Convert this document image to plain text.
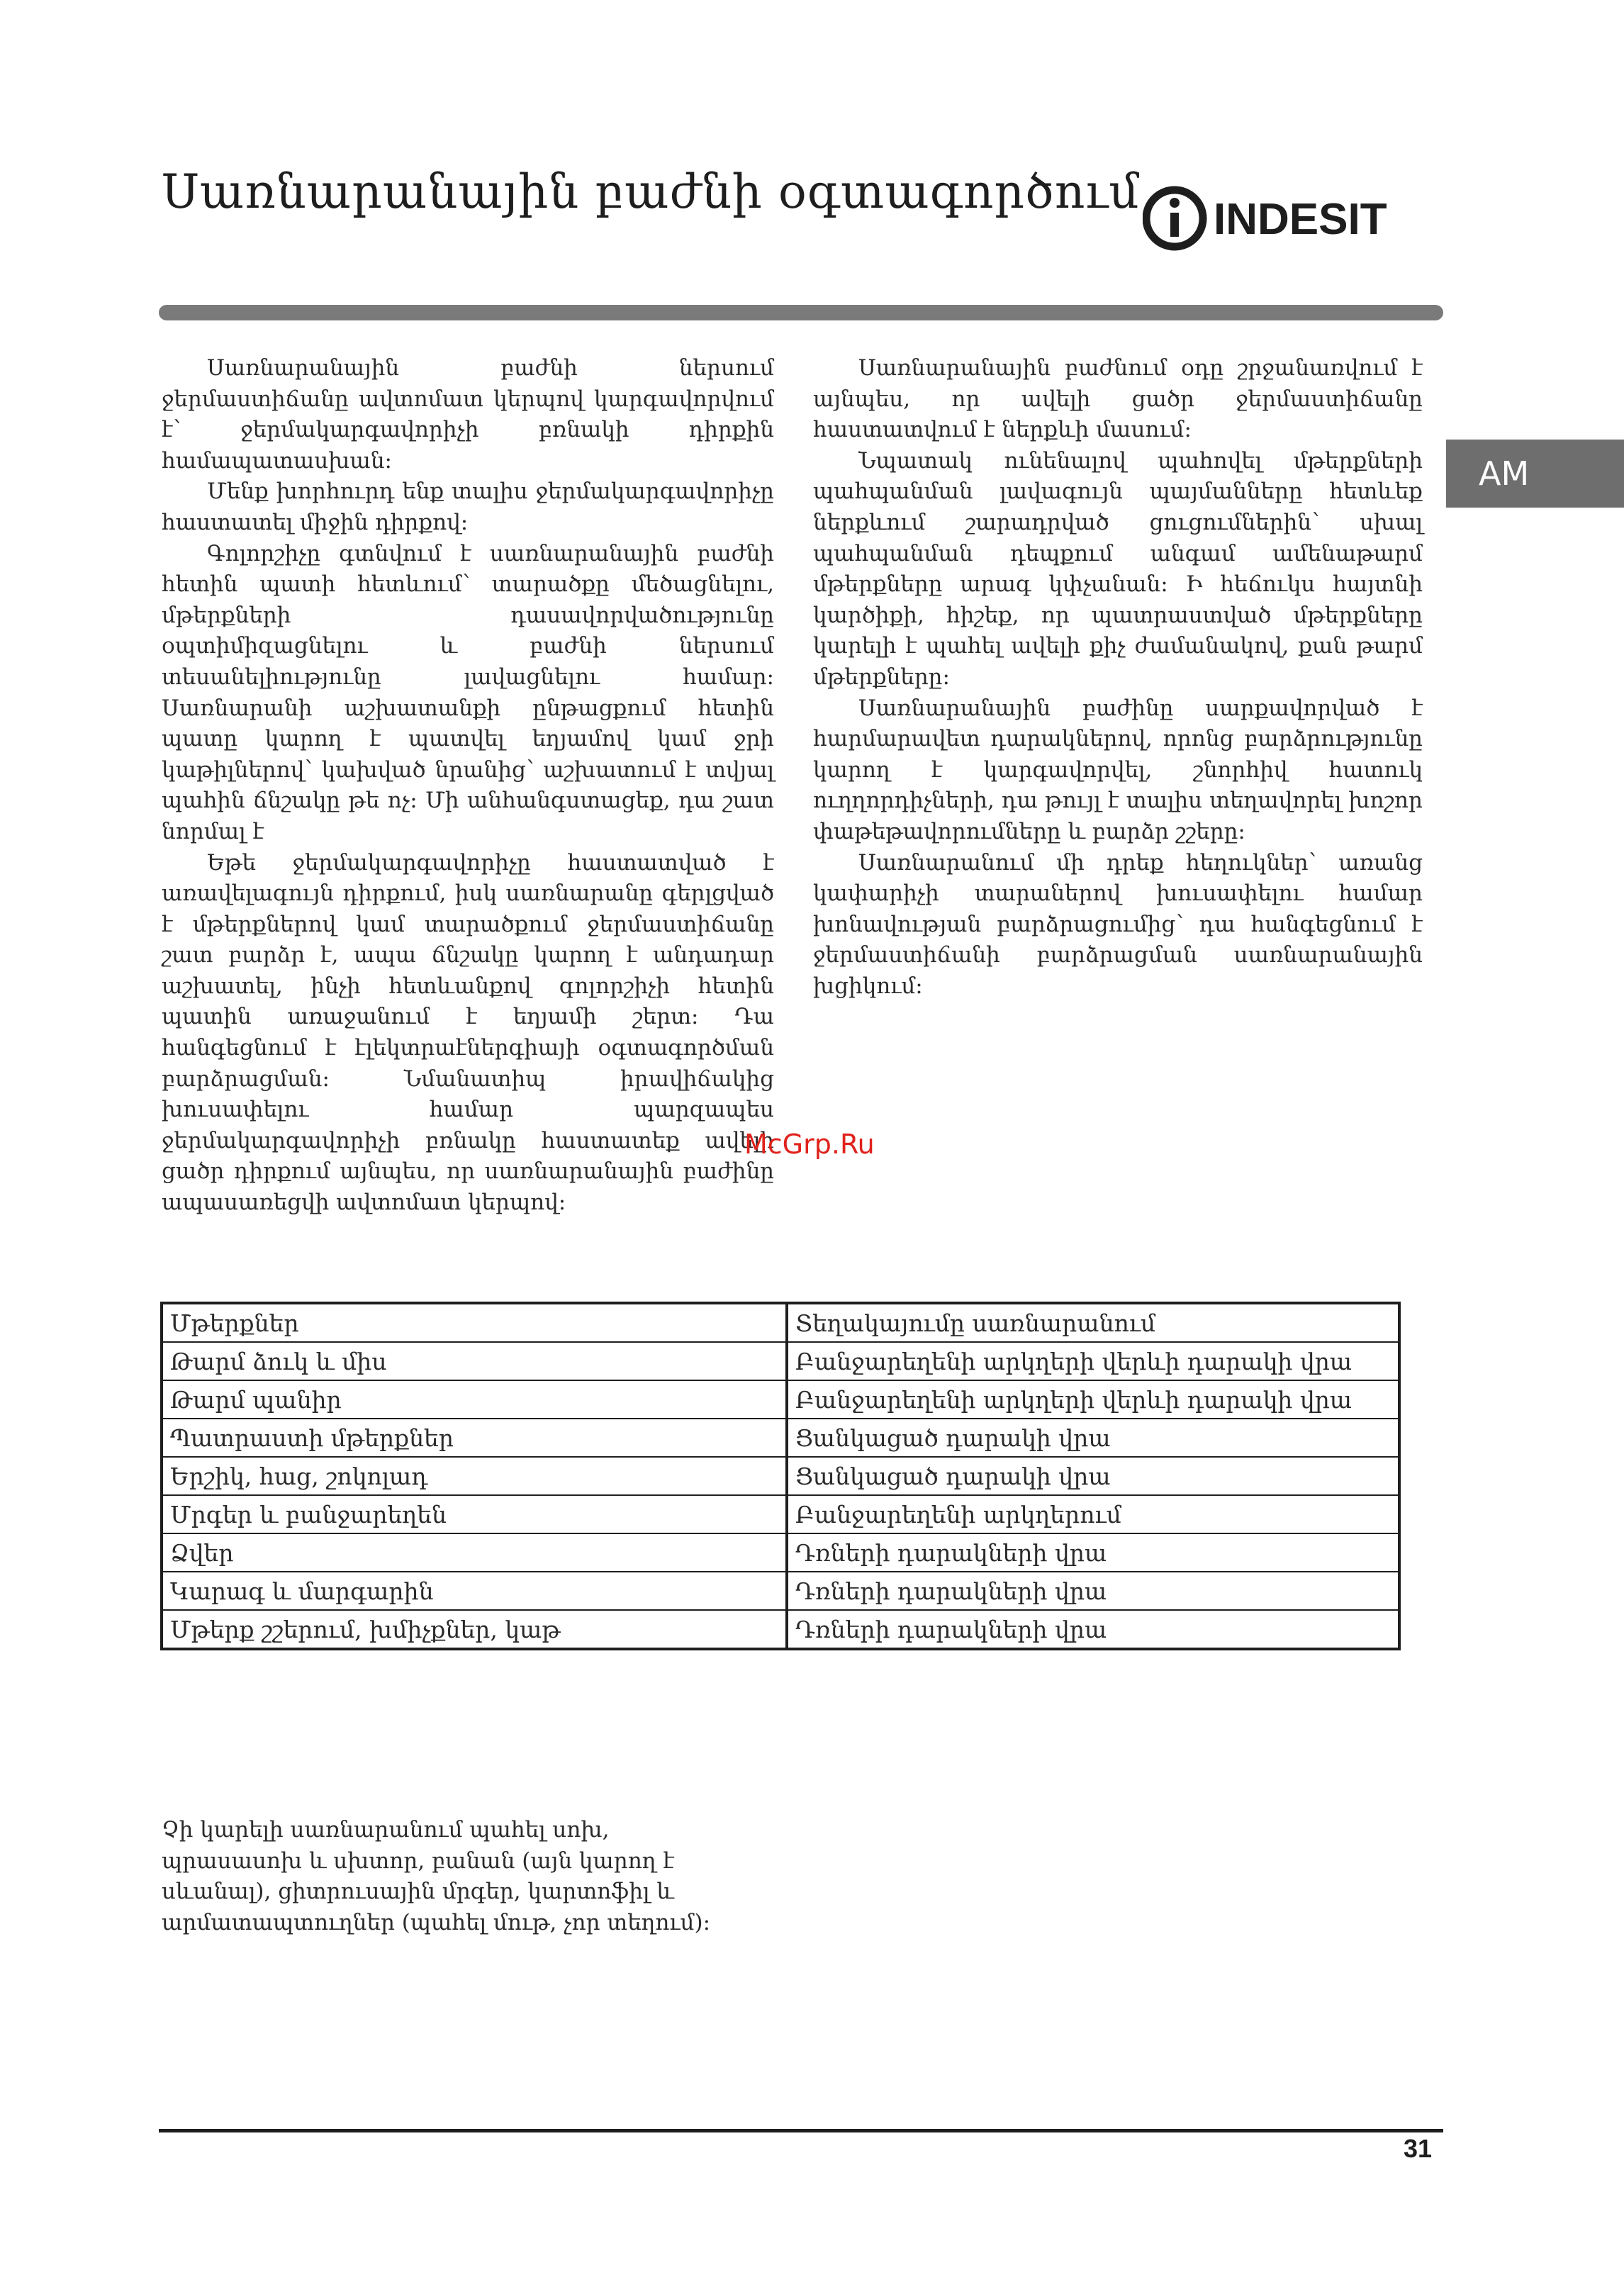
Սառնարանային բաժնի օգտագործում
INDESIT
AM

Սառնարանային բաժնի ներսում ջերմաստիճանը ավտոմատ կերպով կարգավորվում է՝ ջերմակարգավորիչի բռնակի դիրքին համապատասխան:

Մենք խորհուրդ ենք տալիս ջերմակարգավորիչը հաստատել միջին դիրքով:

Գոլորշիչը գտնվում է սառնարանային բաժնի հետին պատի հետևում՝ տարածքը մեծացնելու, մթերքների դասավորվածությունը օպտիմիզացնելու և բաժնի ներսում տեսանելիությունը լավացնելու համար: Սառնարանի աշխատանքի ընթացքում հետին պատը կարող է պատվել եղյամով կամ ջրի կաթիլներով՝ կախված նրանից՝ աշխատում է տվյալ պահին ճնշակը թե ոչ: Մի անհանգստացեք, դա շատ նորմալ է

Եթե ջերմակարգավորիչը հաստատված է առավելագույն դիրքում, իսկ սառնարանը գերլցված է մթերքներով կամ տարածքում ջերմաստիճանը շատ բարձր է, ապա ճնշակը կարող է անդադար աշխատել, ինչի հետևանքով գոլորշիչի հետին պատին առաջանում է եղյամի շերտ: Դա հանգեցնում է էլեկտրաէներգիայի օգտագործման բարձրացման: Նմանատիպ իրավիճակից խուսափելու համար պարզապես ջերմակարգավորիչի բռնակը հաստատեք ավելի ցածր դիրքում այնպես, որ սառնարանային բաժինը ապասառեցվի ավտոմատ կերպով:

Սառնարանային բաժնում օդը շրջանառվում է այնպես, որ ավելի ցածր ջերմաստիճանը հաստատվում է ներքևի մասում:

Նպատակ ունենալով պահովել մթերքների պահպանման լավագույն պայմանները հետևեք ներքևում շարադրված ցուցումներին՝ սխալ պահպանման դեպքում անգամ ամենաթարմ մթերքները արագ կփչանան: Ի հեճուկս հայտնի կարծիքի, հիշեք, որ պատրաստված մթերքները կարելի է պահել ավելի քիչ ժամանակով, քան թարմ մթերքները:

Սառնարանային բաժինը սարքավորված է հարմարավետ դարակներով, որոնց բարձրությունը կարող է կարգավորվել, շնորհիվ հատուկ ուղղորդիչների, դա թույլ է տալիս տեղավորել խոշոր փաթեթավորումները և բարձր շշերը:

Սառնարանում մի դրեք հեղուկներ՝ առանց կափարիչի տարաներով խուսափելու համար խոնավության բարձրացումից՝ դա հանգեցնում է ջերմաստիճանի բարձրացման սառնարանային խցիկում:

McGrp.Ru
Մթերքներ	Տեղակայումը սառնարանում
Թարմ ձուկ և միս	Բանջարեղենի արկղերի վերևի դարակի վրա
Թարմ պանիր	Բանջարեղենի արկղերի վերևի դարակի վրա
Պատրաստի մթերքներ	Ցանկացած դարակի վրա
Երշիկ, հաց, շոկոլադ	Ցանկացած դարակի վրա
Մրգեր և բանջարեղեն	Բանջարեղենի արկղերում
Ձվեր	Դռների դարակների վրա
Կարագ և մարգարին	Դռների դարակների վրա
Մթերք շշերում, խմիչքներ, կաթ	Դռների դարակների վրա
Չի կարելի սառնարանում պահել սոխ,
պրասասոխ և սխտոր, բանան (այն կարող է
սևանալ), ցիտրուսային մրգեր, կարտոֆիլ և
արմատապտուղներ (պահել մութ, չոր տեղում):
31
